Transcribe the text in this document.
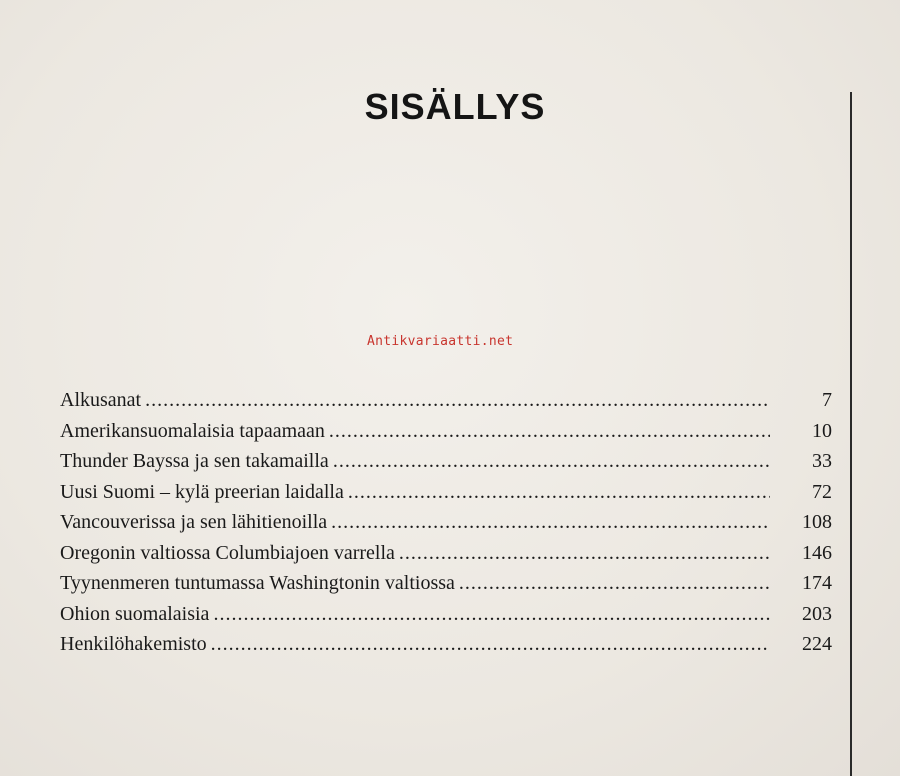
SISÄLLYS
Antikvariaatti.net
Alkusanat .....	7
Amerikansuomalaisia tapaamaan .....	10
Thunder Bayssa ja sen takamailla .....	33
Uusi Suomi – kylä preerian laidalla .....	72
Vancouverissa ja sen lähitienoilla .....	108
Oregonin valtiossa Columbiajoen varrella .....	146
Tyynenmeren tuntumassa Washingtonin valtiossa .....	174
Ohion suomalaisia .....	203
Henkilöhakemisto .....	224
